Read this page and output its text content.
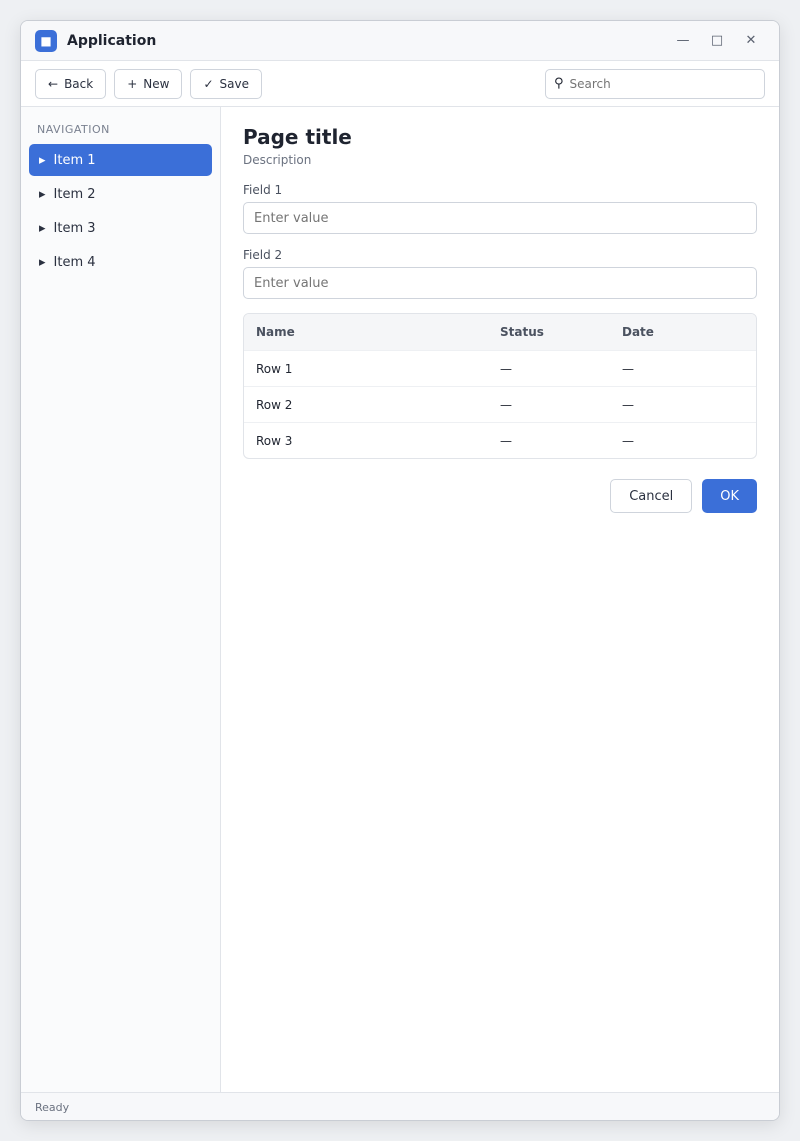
■	Application	—	□	✕
← Back	+ New	✓ Save	⚲
Search
NAVIGATION
▸ Item 1
▸ Item 2
▸ Item 3
▸ Item 4
Page title
Description
Field 1
Enter value
Field 2
Enter value
Name	Status	Date
Row 1	—	—
Row 2	—	—
Row 3	—	—
Cancel	OK
Ready
